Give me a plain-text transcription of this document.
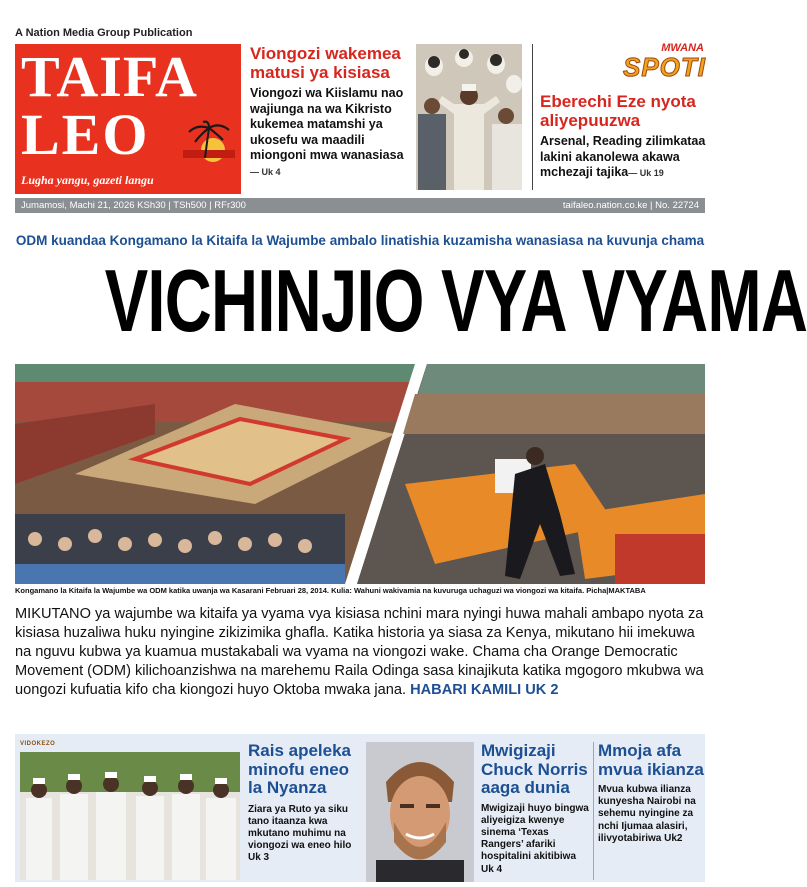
A Nation Media Group Publication
TAIFA
LEO
Lugha yangu, gazeti langu
Viongozi wakemea matusi ya kisiasa

Viongozi wa Kiislamu nao wajiunga na wa Kikristo kukemea matamshi ya ukosefu wa maadili miongoni mwa wanasiasa — Uk 4

MWANA
SPOTI
Eberechi Eze nyota aliyepuuzwa

Arsenal, Reading zilimkataa lakini akanolewa akawa mchezaji tajika— Uk 19

Jumamosi, Machi 21, 2026 KSh30 | TSh500 | RFr300	taifaleo.nation.co.ke | No. 22724
ODM kuandaa Kongamano la Kitaifa la Wajumbe ambalo linatishia kuzamisha wanasiasa na kuvunja chama
VICHINJIO VYA VYAMA
Kongamano la Kitaifa la Wajumbe wa ODM katika uwanja wa Kasarani Februari 28, 2014. Kulia: Wahuni wakivamia na kuvuruga uchaguzi wa viongozi wa kitaifa. Picha|MAKTABA
MIKUTANO ya wajumbe wa kitaifa ya vyama vya kisiasa nchini mara nyingi huwa mahali ambapo nyota za kisiasa huzaliwa huku nyingine zikizimika ghafla. Katika historia ya siasa za Kenya, mikutano hii imekuwa na nguvu kubwa ya kuamua mustakabali wa vyama na viongozi wake. Chama cha Orange Democratic Movement (ODM) kilichoanzishwa na marehemu Raila Odinga sasa kinajikuta katika mgogoro mkubwa wa uongozi kufuatia kifo cha kiongozi huyo Oktoba mwaka jana. HABARI KAMILI UK 2
VIDOKEZO	Rais apeleka minofu eneo la Nyanza

Ziara ya Ruto ya siku tano itaanza kwa mkutano muhimu na viongozi wa eneo hilo Uk 3

Mwigizaji Chuck Norris aaga dunia

Mwigizaji huyo bingwa aliyeigiza kwenye sinema ‘Texas Rangers’ afariki hospitalini akitibiwa Uk 4

Mmoja afa mvua ikianza

Mvua kubwa ilianza kunyesha Nairobi na sehemu nyingine za nchi Ijumaa alasiri, ilivyotabiriwa Uk2
